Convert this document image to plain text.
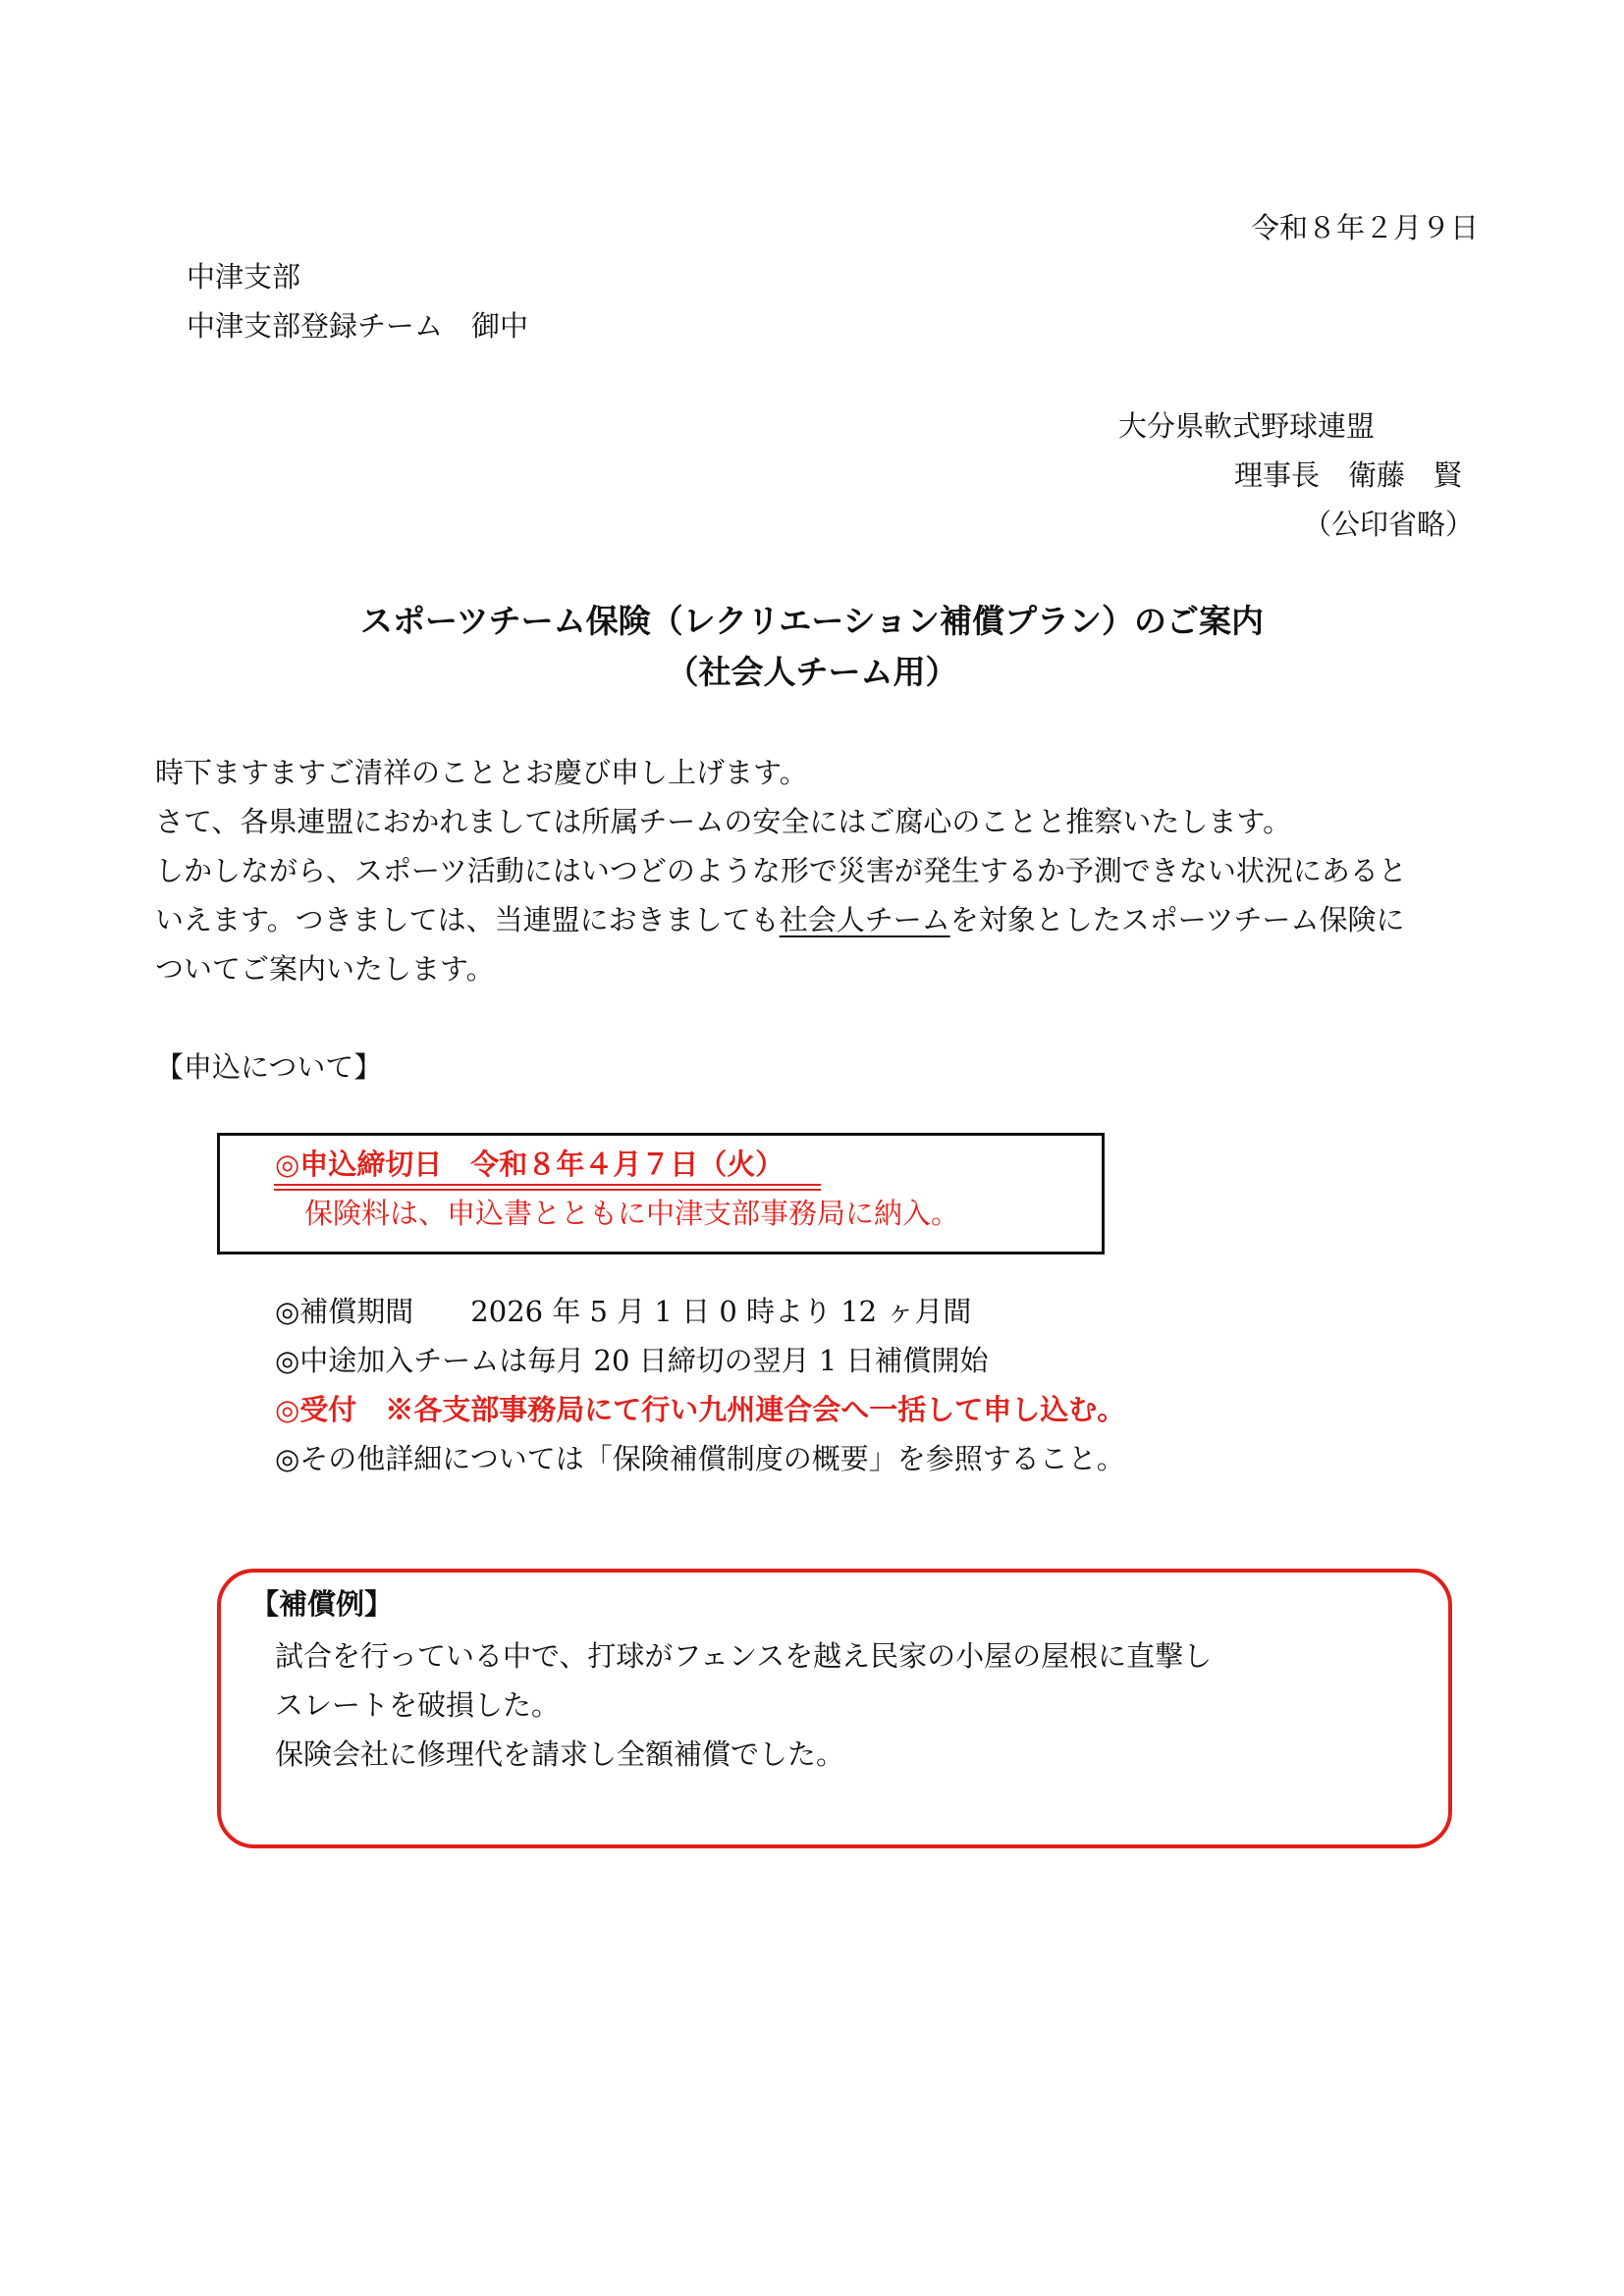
令和８年２月９日
中津支部
中津支部登録チーム　御中
大分県軟式野球連盟
理事長　衛藤　賢
（公印省略）
スポーツチーム保険（レクリエーション補償プラン）のご案内
（社会人チーム用）
時下ますますご清祥のこととお慶び申し上げます。
さて、各県連盟におかれましては所属チームの安全にはご腐心のことと推察いたします。
しかしながら、スポーツ活動にはいつどのような形で災害が発生するか予測できない状況にあると
いえます。つきましては、当連盟におきましても社会人チームを対象としたスポーツチーム保険に
ついてご案内いたします。
【申込について】
◎申込締切日　令和８年４月７日（火）
保険料は、申込書とともに中津支部事務局に納入。
◎補償期間　　2026 年 5 月 1 日 0 時より 12 ヶ月間
◎中途加入チームは毎月 20 日締切の翌月 1 日補償開始
◎受付　※各支部事務局にて行い九州連合会へ一括して申し込む。
◎その他詳細については「保険補償制度の概要」を参照すること。
【補償例】
試合を行っている中で、打球がフェンスを越え民家の小屋の屋根に直撃し
スレートを破損した。
保険会社に修理代を請求し全額補償でした。
